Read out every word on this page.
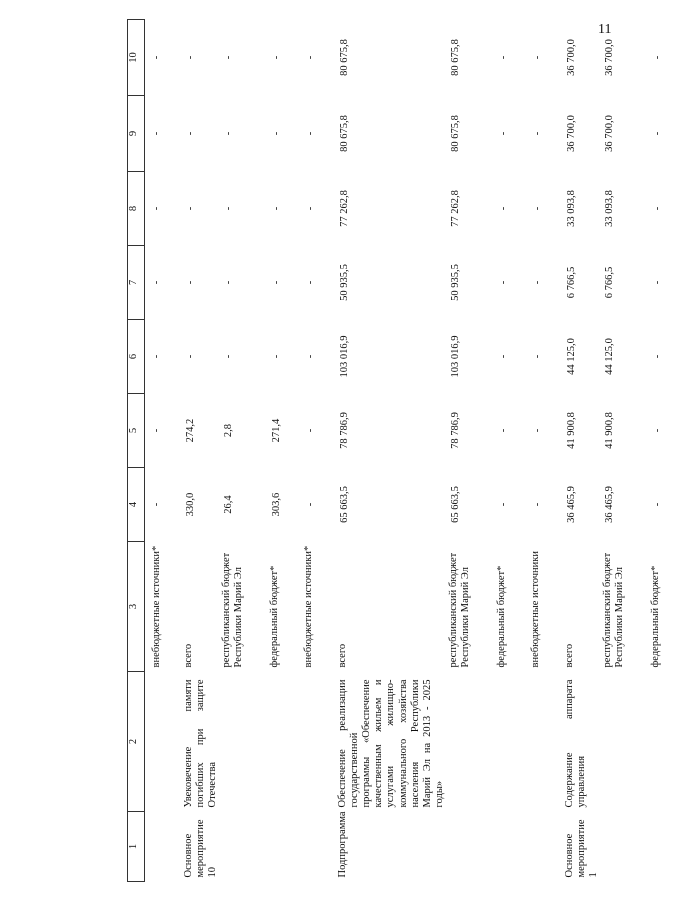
11
1	2	3	4	5	6	7	8	9	10
		внебюджетные источники*	-	-	-	-	-	-	-
Основное мероприятие 10	Увековечение памяти погибших при защите Отечества	всего	330,0	274,2	-	-	-	-	-
		республиканский бюджет Республики Марий Эл	26,4	2,8	-	-	-	-	-
		федеральный бюджет*	303,6	271,4	-	-	-	-	-
		внебюджетные источники*	-	-	-	-	-	-	-
Подпрограмма	Обеспечение реализации государственной программы «Обеспечение качественным жильем и услугами жилищно-коммунального хозяйства населения Республики Марий Эл на 2013 - 2025 годы»	всего	65 663,5	78 786,9	103 016,9	50 935,5	77 262,8	80 675,8	80 675,8
		республиканский бюджет Республики Марий Эл	65 663,5	78 786,9	103 016,9	50 935,5	77 262,8	80 675,8	80 675,8
		федеральный бюджет*	-	-	-	-	-	-	-
		внебюджетные источники	-	-	-	-	-	-	-
Основное мероприятие 1	Содержание аппарата управления	всего	36 465,9	41 900,8	44 125,0	6 766,5	33 093,8	36 700,0	36 700,0
		республиканский бюджет Республики Марий Эл	36 465,9	41 900,8	44 125,0	6 766,5	33 093,8	36 700,0	36 700,0
		федеральный бюджет*	-	-	-	-	-	-	-
